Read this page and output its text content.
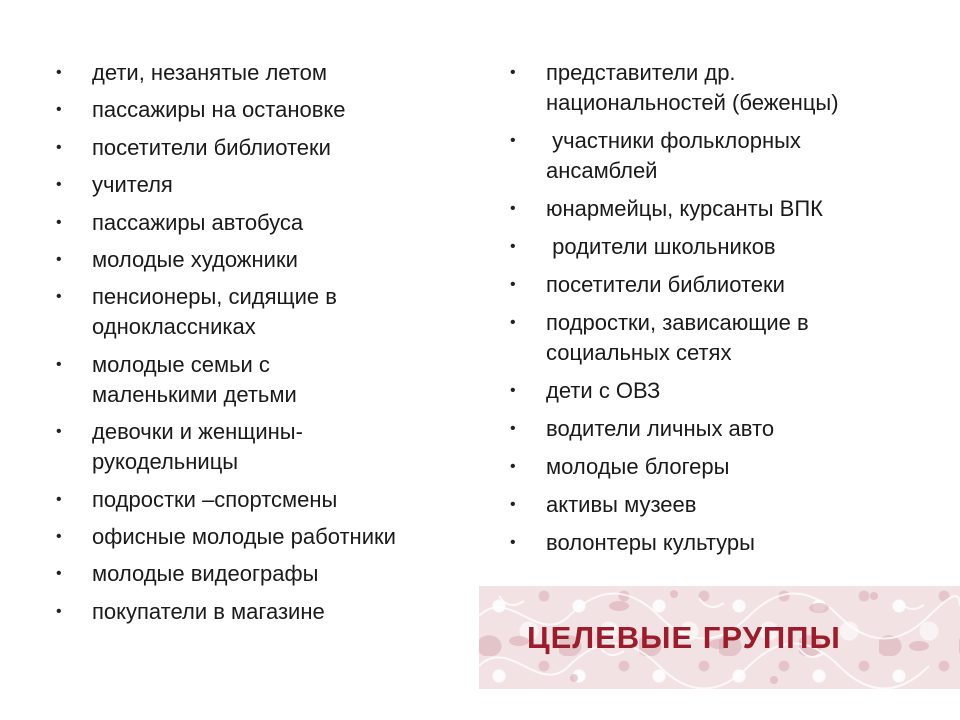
• дети, незанятые летом
• пассажиры на остановке
• посетители библиотеки
• учителя
• пассажиры автобуса
• молодые художники
• пенсионеры, сидящие в
одноклассниках
• молодые семьи с
маленькими детьми
• девочки и женщины-
рукодельницы
• подростки –спортсмены
• офисные молодые работники
• молодые видеографы
• покупатели в магазине
• представители др.
национальностей (беженцы)
• участники фольклорных
ансамблей
• юнармейцы, курсанты ВПК
• родители школьников
• посетители библиотеки
• подростки, зависающие в
социальных сетях
• дети с ОВЗ
• водители личных авто
• молодые блогеры
• активы музеев
• волонтеры культуры
ЦЕЛЕВЫЕ ГРУППЫ
